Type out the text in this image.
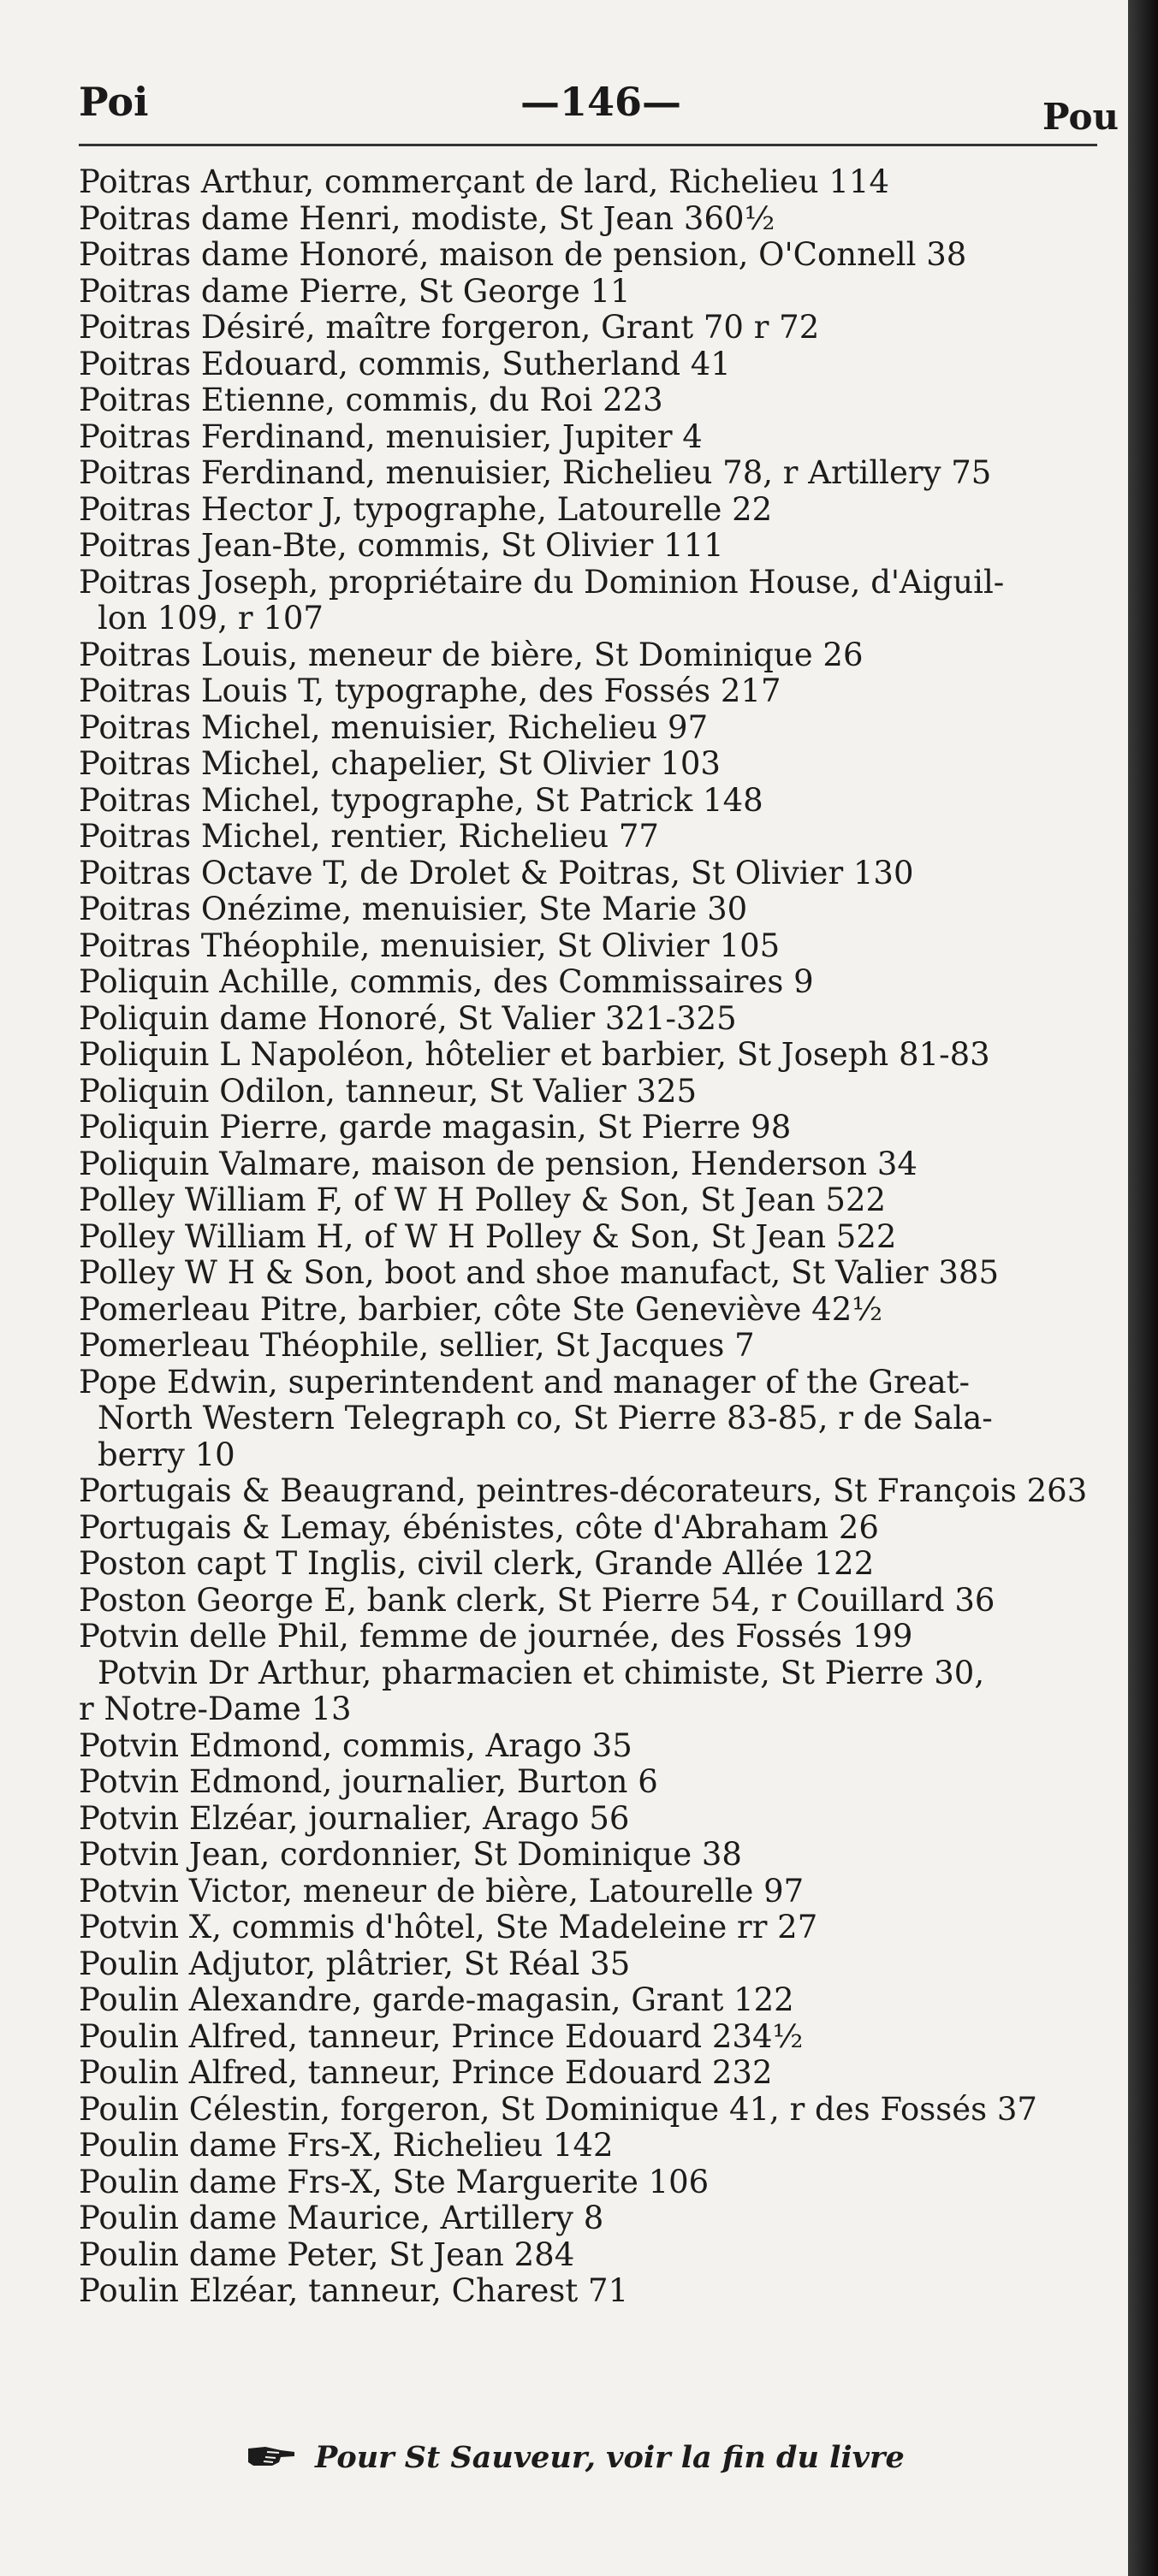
Poi	—146—	Pou
Poitras Arthur, commerçant de lard, Richelieu 114
Poitras dame Henri, modiste, St Jean 360½
Poitras dame Honoré, maison de pension, O'Connell 38
Poitras dame Pierre, St George 11
Poitras Désiré, maître forgeron, Grant 70 r 72
Poitras Edouard, commis, Sutherland 41
Poitras Etienne, commis, du Roi 223
Poitras Ferdinand, menuisier, Jupiter 4
Poitras Ferdinand, menuisier, Richelieu 78, r Artillery 75
Poitras Hector J, typographe, Latourelle 22
Poitras Jean-Bte, commis, St Olivier 111
Poitras Joseph, propriétaire du Dominion House, d'Aiguil-
lon 109, r 107
Poitras Louis, meneur de bière, St Dominique 26
Poitras Louis T, typographe, des Fossés 217
Poitras Michel, menuisier, Richelieu 97
Poitras Michel, chapelier, St Olivier 103
Poitras Michel, typographe, St Patrick 148
Poitras Michel, rentier, Richelieu 77
Poitras Octave T, de Drolet & Poitras, St Olivier 130
Poitras Onézime, menuisier, Ste Marie 30
Poitras Théophile, menuisier, St Olivier 105
Poliquin Achille, commis, des Commissaires 9
Poliquin dame Honoré, St Valier 321-325
Poliquin L Napoléon, hôtelier et barbier, St Joseph 81-83
Poliquin Odilon, tanneur, St Valier 325
Poliquin Pierre, garde magasin, St Pierre 98
Poliquin Valmare, maison de pension, Henderson 34
Polley William F, of W H Polley & Son, St Jean 522
Polley William H, of W H Polley & Son, St Jean 522
Polley W H & Son, boot and shoe manufact, St Valier 385
Pomerleau Pitre, barbier, côte Ste Geneviève 42½
Pomerleau Théophile, sellier, St Jacques 7
Pope Edwin, superintendent and manager of the Great-
North Western Telegraph co, St Pierre 83-85, r de Sala-
berry 10
Portugais & Beaugrand, peintres-décorateurs, St François 263
Portugais & Lemay, ébénistes, côte d'Abraham 26
Poston capt T Inglis, civil clerk, Grande Allée 122
Poston George E, bank clerk, St Pierre 54, r Couillard 36
Potvin delle Phil, femme de journée, des Fossés 199
Potvin Dr Arthur, pharmacien et chimiste, St Pierre 30,
r Notre-Dame 13
Potvin Edmond, commis, Arago 35
Potvin Edmond, journalier, Burton 6
Potvin Elzéar, journalier, Arago 56
Potvin Jean, cordonnier, St Dominique 38
Potvin Victor, meneur de bière, Latourelle 97
Potvin X, commis d'hôtel, Ste Madeleine rr 27
Poulin Adjutor, plâtrier, St Réal 35
Poulin Alexandre, garde-magasin, Grant 122
Poulin Alfred, tanneur, Prince Edouard 234½
Poulin Alfred, tanneur, Prince Edouard 232
Poulin Célestin, forgeron, St Dominique 41, r des Fossés 37
Poulin dame Frs-X, Richelieu 142
Poulin dame Frs-X, Ste Marguerite 106
Poulin dame Maurice, Artillery 8
Poulin dame Peter, St Jean 284
Poulin Elzéar, tanneur, Charest 71
Pour St Sauveur, voir la fin du livre
